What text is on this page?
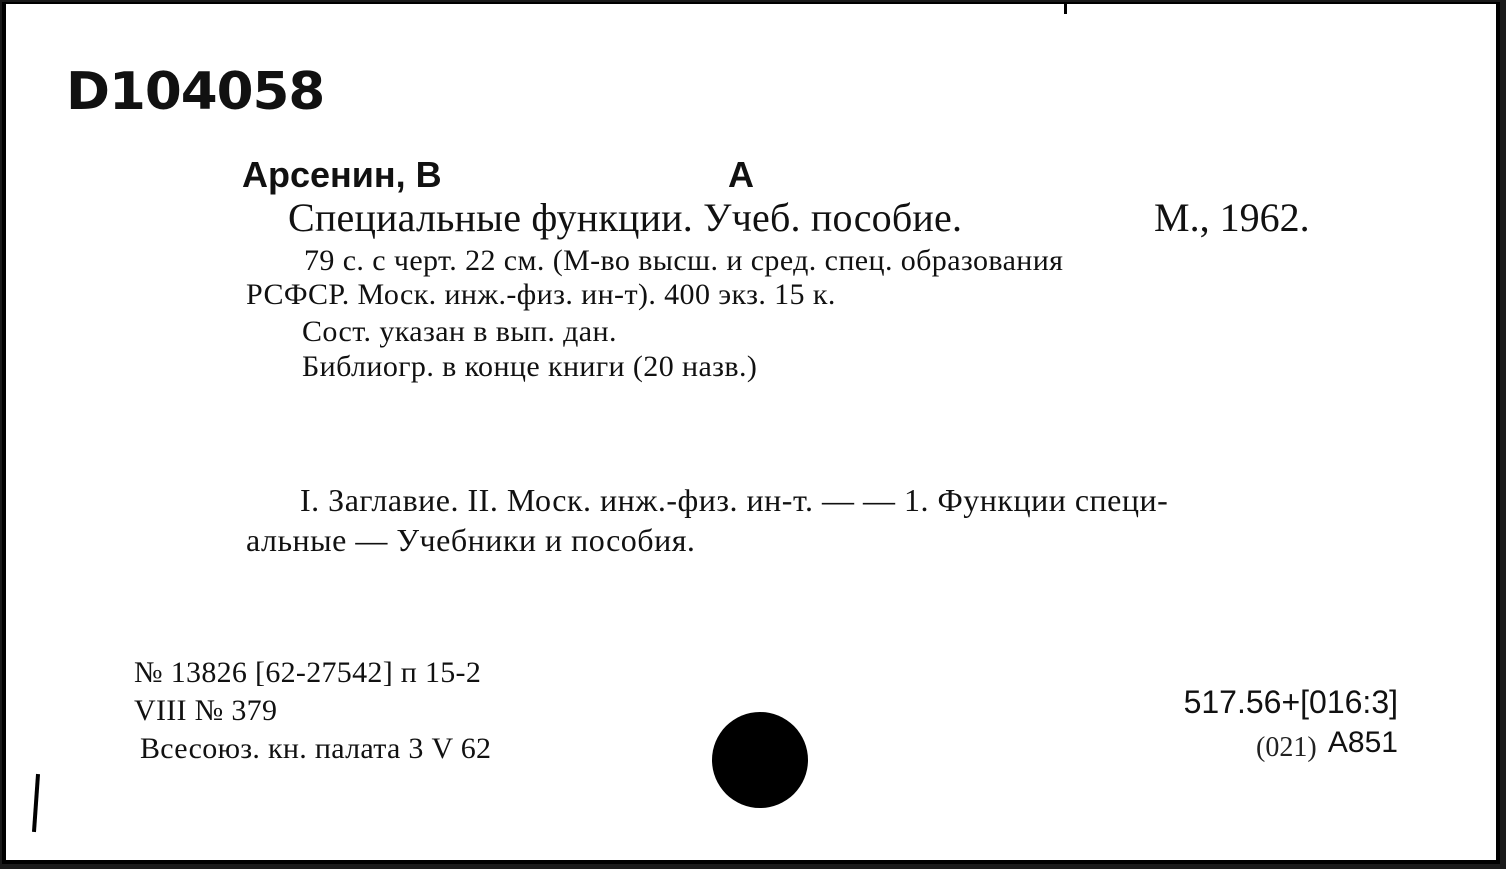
D104058
Арсенин, В	А
Специальные функции. Учеб. пособие.	М., 1962.
79 с. с черт. 22 см. (М-во высш. и сред. спец. образования
РСФСР. Моск. инж.-физ. ин-т). 400 экз. 15 к.
Сост. указан в вып. дан.
Библиогр. в конце книги (20 назв.)
I. Заглавие. II. Моск. инж.-физ. ин-т. — — 1. Функции специ-
альные — Учебники и пособия.
№ 13826 [62-27542] п 15-2
VIII № 379
Всесоюз. кн. палата 3 V 62
517.56+[016:3]
(021) А851
